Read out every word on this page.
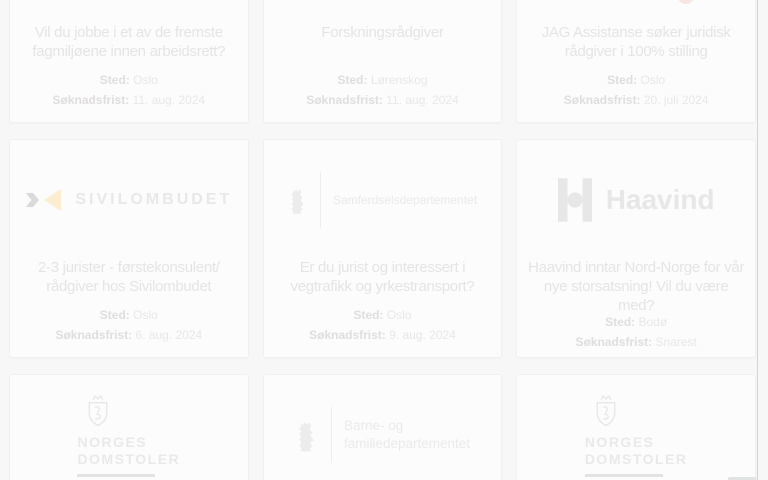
Vil du jobbe i et av de fremste fagmiljøene innen arbeidsrett?
Sted: Oslo
Søknadsfrist: 11. aug. 2024
Forskningsrådgiver
Sted: Lørenskog
Søknadsfrist: 11. aug. 2024
JAG Assistanse søker juridisk rådgiver i 100% stilling
Sted: Oslo
Søknadsfrist: 20. juli 2024
SIVILOMBUDET
2-3 jurister - førstekonsulent/ rådgiver hos Sivilombudet
Sted: Oslo
Søknadsfrist: 6. aug. 2024
Samferdselsdepartementet
Er du jurist og interessert i vegtrafikk og yrkestransport?
Sted: Oslo
Søknadsfrist: 9. aug. 2024
Haavind
Haavind inntar Nord-Norge for vår nye storsatsning! Vil du være med?
Sted: Bodø
Søknadsfrist: Snarest
NORGES
DOMSTOLER
Barne- og
familiedepartementet	NORGES
DOMSTOLER
